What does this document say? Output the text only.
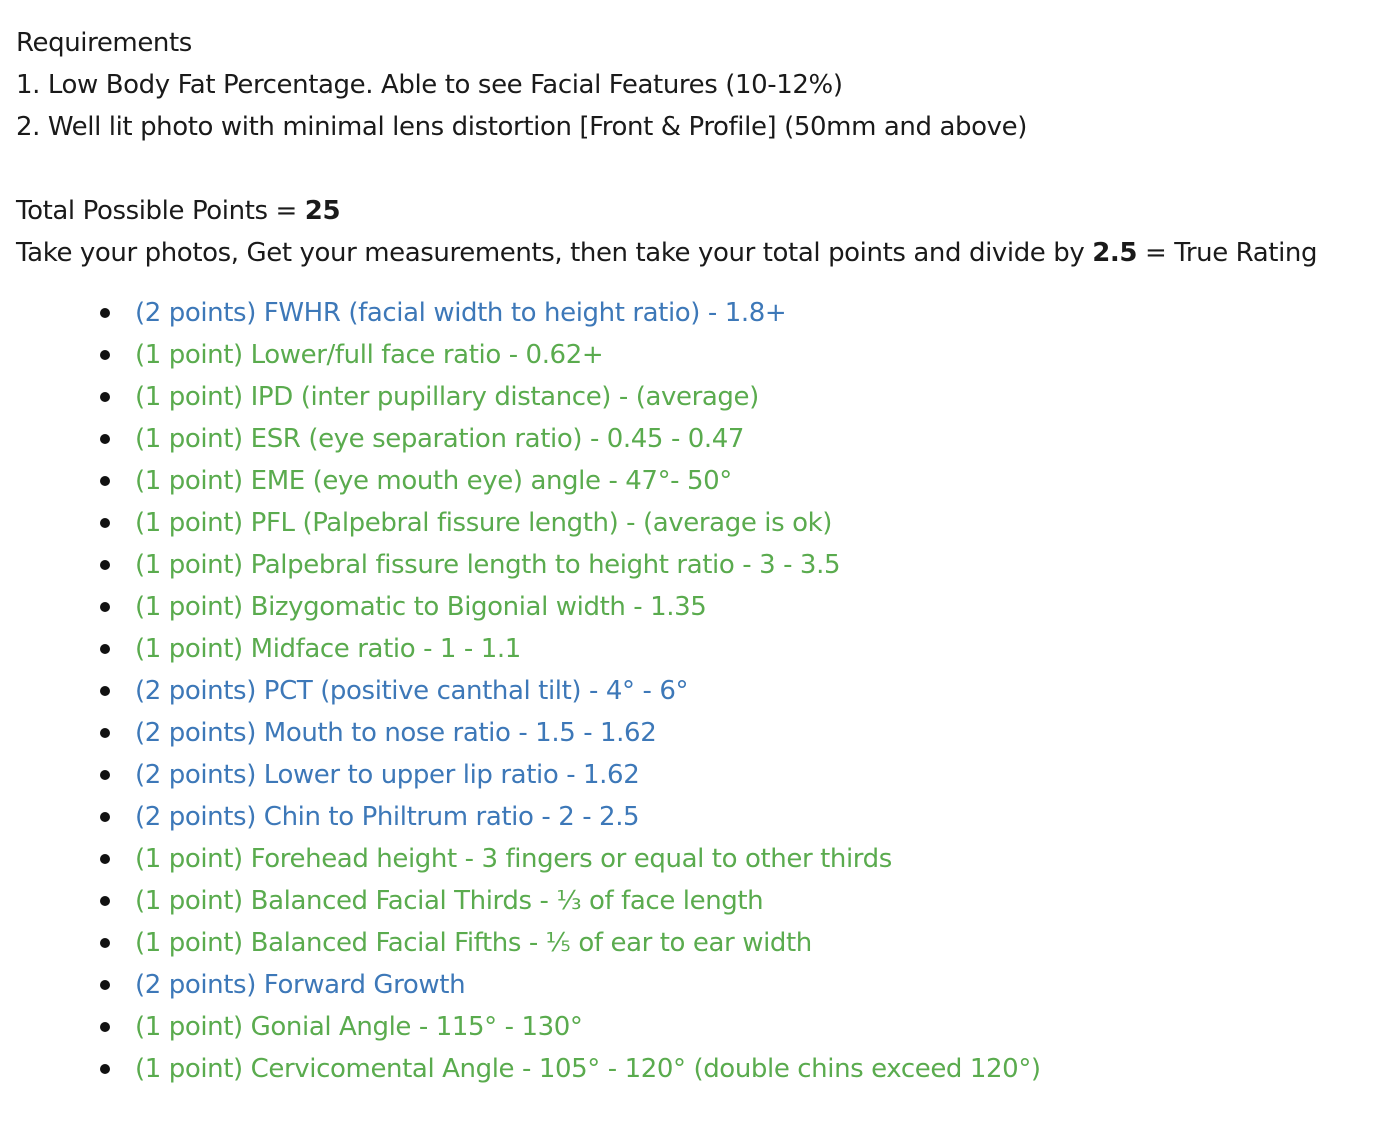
Requirements
1. Low Body Fat Percentage. Able to see Facial Features (10-12%)
2. Well lit photo with minimal lens distortion [Front & Profile] (50mm and above)
Total Possible Points = 25
Take your photos, Get your measurements, then take your total points and divide by 2.5 = True Rating
(2 points) FWHR (facial width to height ratio) - 1.8+
(1 point) Lower/full face ratio - 0.62+
(1 point) IPD (inter pupillary distance) - (average)
(1 point) ESR (eye separation ratio) - 0.45 - 0.47
(1 point) EME (eye mouth eye) angle - 47°- 50°
(1 point) PFL (Palpebral fissure length) - (average is ok)
(1 point) Palpebral fissure length to height ratio - 3 - 3.5
(1 point) Bizygomatic to Bigonial width - 1.35
(1 point) Midface ratio - 1 - 1.1
(2 points) PCT (positive canthal tilt) - 4° - 6°
(2 points) Mouth to nose ratio - 1.5 - 1.62
(2 points) Lower to upper lip ratio - 1.62
(2 points) Chin to Philtrum ratio - 2 - 2.5
(1 point) Forehead height - 3 fingers or equal to other thirds
(1 point) Balanced Facial Thirds - ⅓ of face length
(1 point) Balanced Facial Fifths - ⅕ of ear to ear width
(2 points) Forward Growth
(1 point) Gonial Angle - 115° - 130°
(1 point) Cervicomental Angle - 105° - 120° (double chins exceed 120°)
